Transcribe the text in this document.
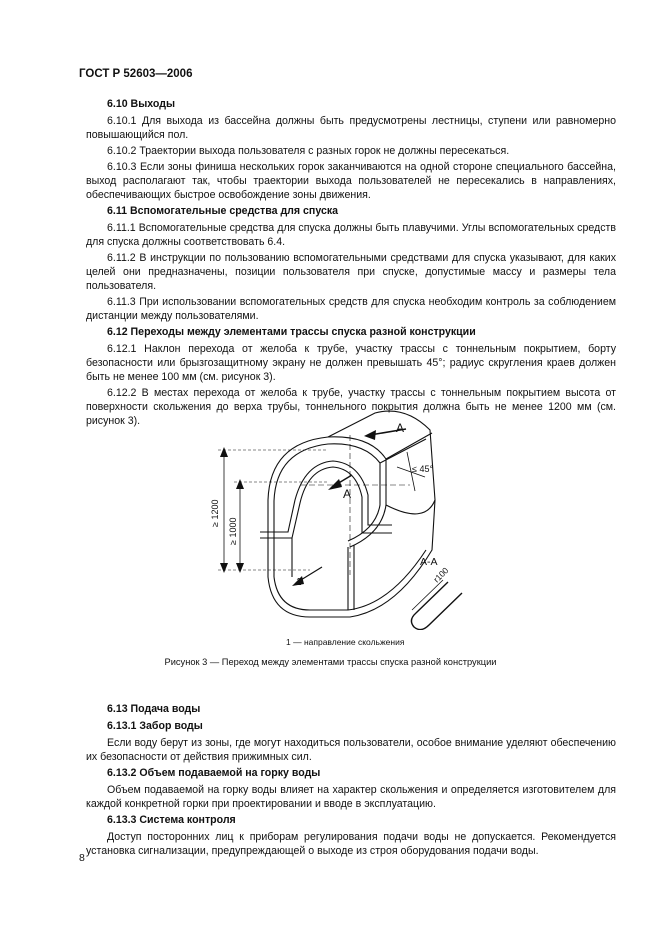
ГОСТ Р 52603—2006
6.10 Выходы

6.10.1 Для выхода из бассейна должны быть предусмотрены лестницы, ступени или равномерно повышающийся пол.

6.10.2 Траектории выхода пользователя с разных горок не должны пересекаться.

6.10.3 Если зоны финиша нескольких горок заканчиваются на одной стороне специального бассейна, выход располагают так, чтобы траектории выхода пользователей не пересекались в направлениях, обеспечивающих быстрое освобождение зоны движения.

6.11 Вспомогательные средства для спуска

6.11.1 Вспомогательные средства для спуска должны быть плавучими. Углы вспомогательных средств для спуска должны соответствовать 6.4.

6.11.2 В инструкции по пользованию вспомогательными средствами для спуска указывают, для каких целей они предназначены, позиции пользователя при спуске, допустимые массу и размеры тела пользователя.

6.11.3 При использовании вспомогательных средств для спуска необходим контроль за соблюдением дистанции между пользователями.

6.12 Переходы между элементами трассы спуска разной конструкции

6.12.1 Наклон перехода от желоба к трубе, участку трассы с тоннельным покрытием, борту безопасности или брызгозащитному экрану не должен превышать 45°; радиус скругления краев должен быть не менее 100 мм (см. рисунок 3).

6.12.2 В местах перехода от желоба к трубе, участку трассы с тоннельным покрытием высота от поверхности скольжения до верха трубы, тоннельного покрытия должна быть не менее 1200 мм (см. рисунок 3).	A
A
≤ 45°
А-А
1	r100
≥ 1200
≥ 1000
1 — направление скольжения
Рисунок 3 — Переход между элементами трассы спуска разной конструкции
6.13 Подача воды
6.13.1 Забор воды

Если воду берут из зоны, где могут находиться пользователи, особое внимание уделяют обеспечению их безопасности от действия прижимных сил.

6.13.2 Объем подаваемой на горку воды

Объем подаваемой на горку воды влияет на характер скольжения и определяется изготовителем для каждой конкретной горки при проектировании и вводе в эксплуатацию.

6.13.3 Система контроля

Доступ посторонних лиц к приборам регулирования подачи воды не допускается. Рекомендуется установка сигнализации, предупреждающей о выходе из строя оборудования подачи воды.

8
